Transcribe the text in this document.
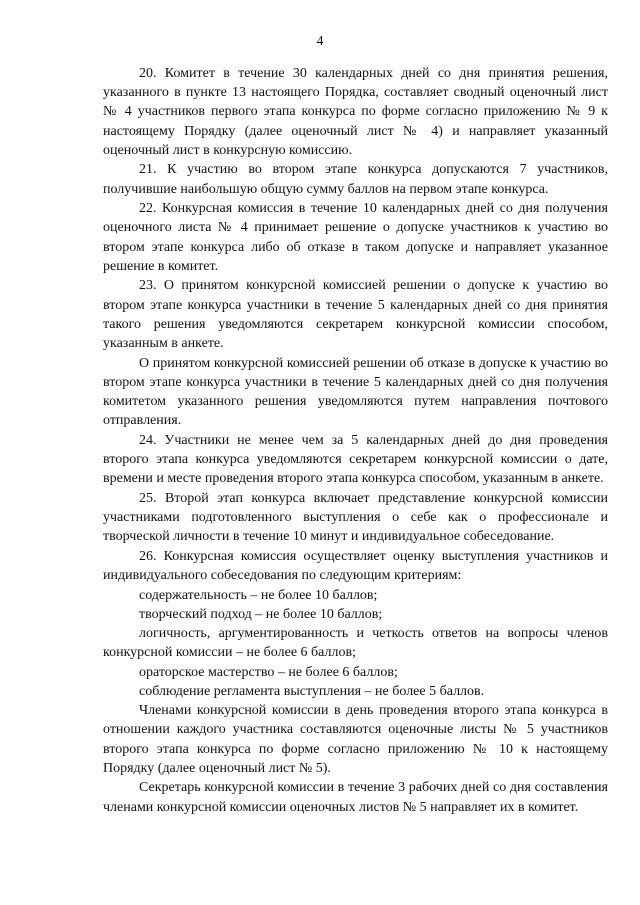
4

20. Комитет в течение 30 календарных дней со дня принятия решения, указанного в пункте 13 настоящего Порядка, составляет сводный оценочный лист № 4 участников первого этапа конкурса по форме согласно приложению № 9 к настоящему Порядку (далее оценочный лист № 4) и направляет указанный оценочный лист в конкурсную комиссию.

21. К участию во втором этапе конкурса допускаются 7 участников, получившие наибольшую общую сумму баллов на первом этапе конкурса.

22. Конкурсная комиссия в течение 10 календарных дней со дня получения оценочного листа № 4 принимает решение о допуске участников к участию во втором этапе конкурса либо об отказе в таком допуске и направляет указанное решение в комитет.

23. О принятом конкурсной комиссией решении о допуске к участию во втором этапе конкурса участники в течение 5 календарных дней со дня принятия такого решения уведомляются секретарем конкурсной комиссии способом, указанным в анкете.

О принятом конкурсной комиссией решении об отказе в допуске к участию во втором этапе конкурса участники в течение 5 календарных дней со дня получения комитетом указанного решения уведомляются путем направления почтового отправления.

24. Участники не менее чем за 5 календарных дней до дня проведения второго этапа конкурса уведомляются секретарем конкурсной комиссии о дате, времени и месте проведения второго этапа конкурса способом, указанным в анкете.

25. Второй этап конкурса включает представление конкурсной комиссии участниками подготовленного выступления о себе как о профессионале и творческой личности в течение 10 минут и индивидуальное собеседование.

26. Конкурсная комиссия осуществляет оценку выступления участников и индивидуального собеседования по следующим критериям:

содержательность – не более 10 баллов;

творческий подход – не более 10 баллов;

логичность, аргументированность и четкость ответов на вопросы членов конкурсной комиссии – не более 6 баллов;

ораторское мастерство – не более 6 баллов;

соблюдение регламента выступления – не более 5 баллов.

Членами конкурсной комиссии в день проведения второго этапа конкурса в отношении каждого участника составляются оценочные листы № 5 участников второго этапа конкурса по форме согласно приложению № 10 к настоящему Порядку (далее оценочный лист № 5).

Секретарь конкурсной комиссии в течение 3 рабочих дней со дня составления членами конкурсной комиссии оценочных листов № 5 направляет их в комитет.
